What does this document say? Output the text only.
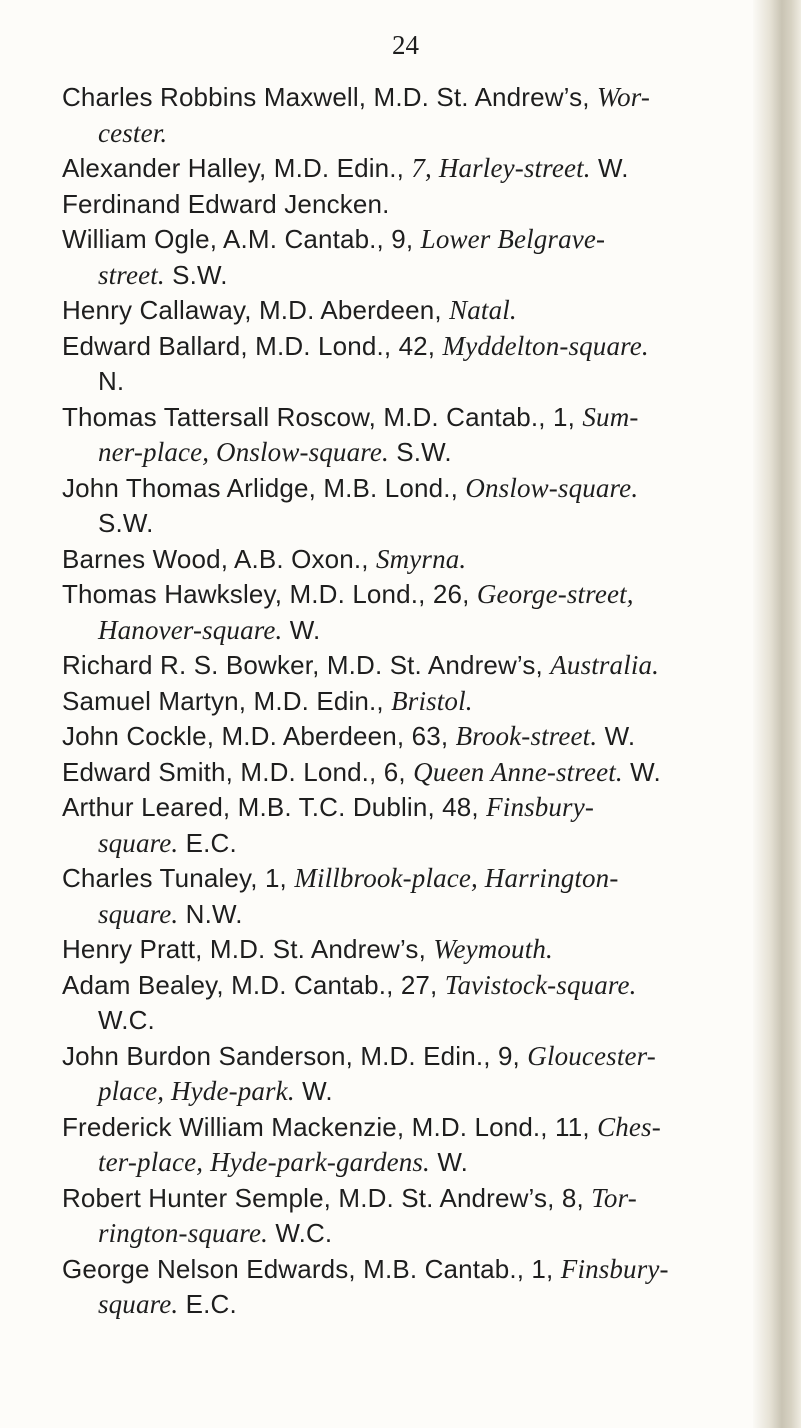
24
Charles Robbins Maxwell, M.D. St. Andrew’s, Wor-
cester.
Alexander Halley, M.D. Edin., 7, Harley-street. W.
Ferdinand Edward Jencken.
William Ogle, A.M. Cantab., 9, Lower Belgrave-
street. S.W.
Henry Callaway, M.D. Aberdeen, Natal.
Edward Ballard, M.D. Lond., 42, Myddelton-square.
N.
Thomas Tattersall Roscow, M.D. Cantab., 1, Sum-
ner-place, Onslow-square. S.W.
John Thomas Arlidge, M.B. Lond., Onslow-square.
S.W.
Barnes Wood, A.B. Oxon., Smyrna.
Thomas Hawksley, M.D. Lond., 26, George-street,
Hanover-square. W.
Richard R. S. Bowker, M.D. St. Andrew’s, Australia.
Samuel Martyn, M.D. Edin., Bristol.
John Cockle, M.D. Aberdeen, 63, Brook-street. W.
Edward Smith, M.D. Lond., 6, Queen Anne-street. W.
Arthur Leared, M.B. T.C. Dublin, 48, Finsbury-
square. E.C.
Charles Tunaley, 1, Millbrook-place, Harrington-
square. N.W.
Henry Pratt, M.D. St. Andrew’s, Weymouth.
Adam Bealey, M.D. Cantab., 27, Tavistock-square.
W.C.
John Burdon Sanderson, M.D. Edin., 9, Gloucester-
place, Hyde-park. W.
Frederick William Mackenzie, M.D. Lond., 11, Ches-
ter-place, Hyde-park-gardens. W.
Robert Hunter Semple, M.D. St. Andrew’s, 8, Tor-
rington-square. W.C.
George Nelson Edwards, M.B. Cantab., 1, Finsbury-
square. E.C.
